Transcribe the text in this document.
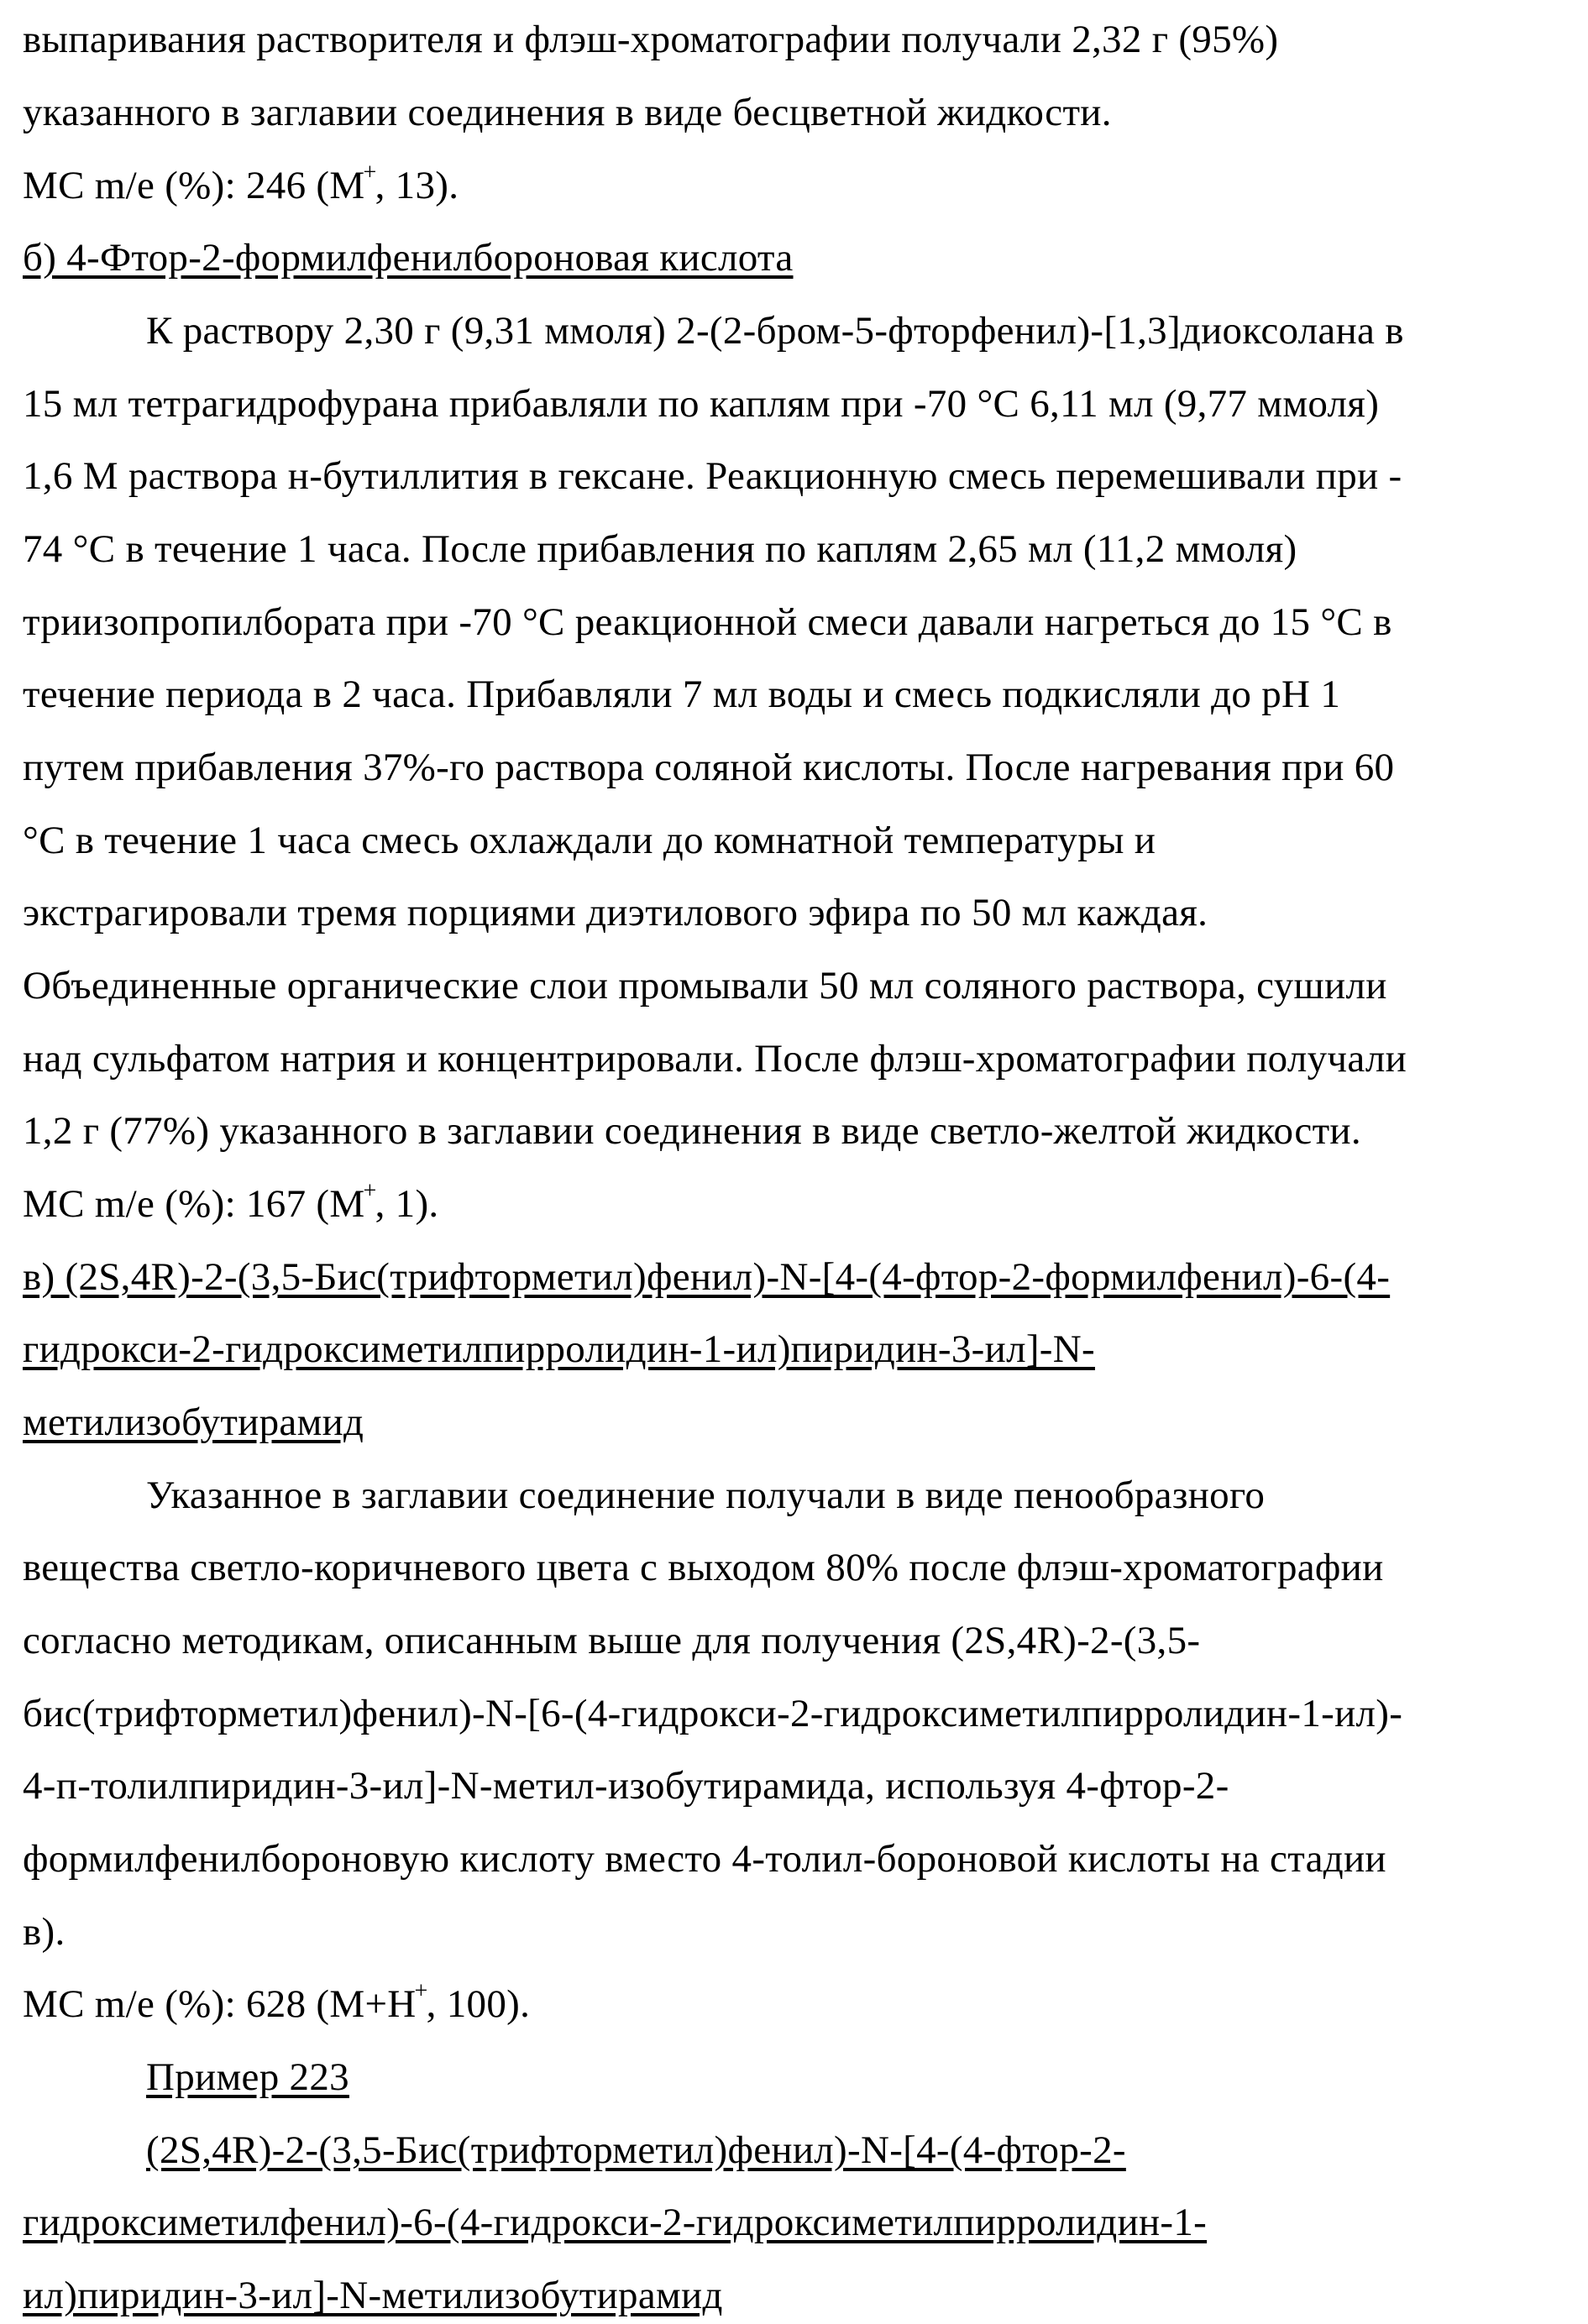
выпаривания растворителя и флэш-хроматографии получали 2,32 г (95%)
указанного в заглавии соединения в виде бесцветной жидкости.
МС m/e (%): 246 (M+, 13).
б) 4-Фтор-2-формилфенилбороновая кислота
К раствору 2,30 г (9,31 ммоля) 2-(2-бром-5-фторфенил)-[1,3]диоксолана в
15 мл тетрагидрофурана прибавляли по каплям при -70 °С 6,11 мл (9,77 ммоля)
1,6 М раствора н-бутиллития в гексане. Реакционную смесь перемешивали при -
74 °С в течение 1 часа. После прибавления по каплям 2,65 мл (11,2 ммоля)
триизопропилбората при -70 °С реакционной смеси давали нагреться до 15 °С в
течение периода в 2 часа. Прибавляли 7 мл воды и смесь подкисляли до pH 1
путем прибавления 37%-го раствора соляной кислоты. После нагревания при 60
°С в течение 1 часа смесь охлаждали до комнатной температуры и
экстрагировали тремя порциями диэтилового эфира по 50 мл каждая.
Объединенные органические слои промывали 50 мл соляного раствора, сушили
над сульфатом натрия и концентрировали. После флэш-хроматографии получали
1,2 г (77%) указанного в заглавии соединения в виде светло-желтой жидкости.
МС m/e (%): 167 (M+, 1).
в) (2S,4R)-2-(3,5-Бис(трифторметил)фенил)-N-[4-(4-фтор-2-формилфенил)-6-(4-
гидрокси-2-гидроксиметилпирролидин-1-ил)пиридин-3-ил]-N-
метилизобутирамид
Указанное в заглавии соединение получали в виде пенообразного
вещества светло-коричневого цвета с выходом 80% после флэш-хроматографии
согласно методикам, описанным выше для получения (2S,4R)-2-(3,5-
бис(трифторметил)фенил)-N-[6-(4-гидрокси-2-гидроксиметилпирролидин-1-ил)-
4-п-толилпиридин-3-ил]-N-метил-изобутирамида, используя 4-фтор-2-
формилфенилбороновую кислоту вместо 4-толил-бороновой кислоты на стадии
в).
МС m/e (%): 628 (M+H+, 100).
Пример 223
(2S,4R)-2-(3,5-Бис(трифторметил)фенил)-N-[4-(4-фтор-2-
гидроксиметилфенил)-6-(4-гидрокси-2-гидроксиметилпирролидин-1-
ил)пиридин-3-ил]-N-метилизобутирамид
